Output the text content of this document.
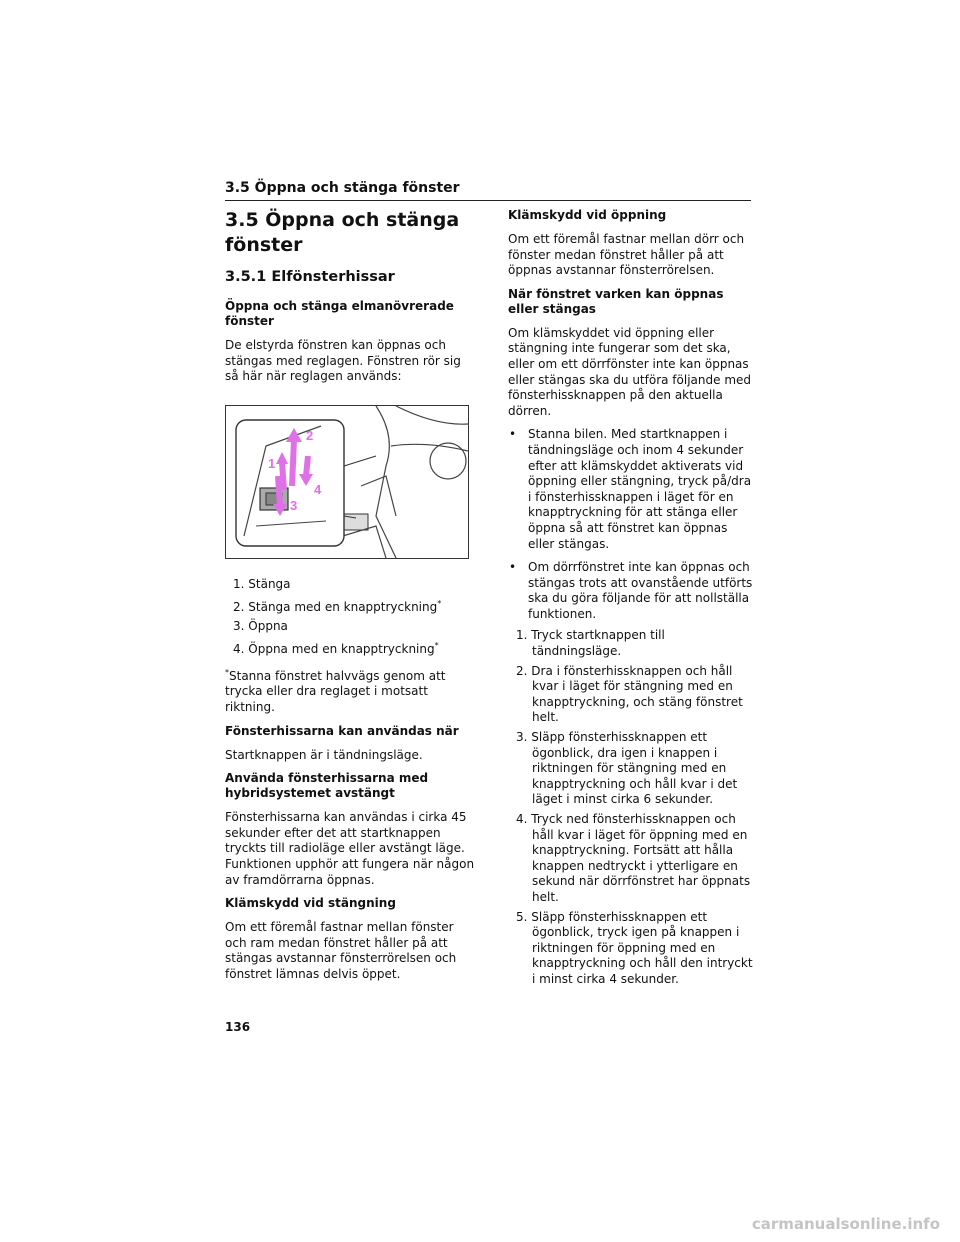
3.5 Öppna och stänga fönster
3.5 Öppna och stänga fönster
3.5.1 Elfönsterhissar
Öppna och stänga elmanövrerade fönster

De elstyrda fönstren kan öppnas och stängas med reglagen. Fönstren rör sig så här när reglagen används:

1
2
3
4
1. Stänga
2. Stänga med en knapptryckning*
3. Öppna
4. Öppna med en knapptryckning*

*Stanna fönstret halvvägs genom att trycka eller dra reglaget i motsatt riktning.

Fönsterhissarna kan användas när

Startknappen är i tändningsläge.

Använda fönsterhissarna med hybridsystemet avstängt

Fönsterhissarna kan användas i cirka 45 sekunder efter det att startknappen tryckts till radioläge eller avstängt läge. Funktionen upphör att fungera när någon av framdörrarna öppnas.

Klämskydd vid stängning

Om ett föremål fastnar mellan fönster och ram medan fönstret håller på att stängas avstannar fönsterrörelsen och fönstret lämnas delvis öppet.

Klämskydd vid öppning

Om ett föremål fastnar mellan dörr och fönster medan fönstret håller på att öppnas avstannar fönsterrörelsen.

När fönstret varken kan öppnas eller stängas

Om klämskyddet vid öppning eller stängning inte fungerar som det ska, eller om ett dörrfönster inte kan öppnas eller stängas ska du utföra följande med fönsterhissknappen på den aktuella dörren.

• Stanna bilen. Med startknappen i tändningsläge och inom 4 sekunder efter att klämskyddet aktiverats vid öppning eller stängning, tryck på/dra i fönsterhissknappen i läget för en knapptryckning för att stänga eller öppna så att fönstret kan öppnas eller stängas.
• Om dörrfönstret inte kan öppnas och stängas trots att ovanstående utförts ska du göra följande för att nollställa funktionen.
1. Tryck startknappen till tändningsläge.
2. Dra i fönsterhissknappen och håll kvar i läget för stängning med en knapptryckning, och stäng fönstret helt.
3. Släpp fönsterhissknappen ett ögonblick, dra igen i knappen i riktningen för stängning med en knapptryckning och håll kvar i det läget i minst cirka 6 sekunder.
4. Tryck ned fönsterhissknappen och håll kvar i läget för öppning med en knapptryckning. Fortsätt att hålla knappen nedtryckt i ytterligare en sekund när dörrfönstret har öppnats helt.
5. Släpp fönsterhissknappen ett ögonblick, tryck igen på knappen i riktningen för öppning med en knapptryckning och håll den intryckt i minst cirka 4 sekunder.
136
carmanualsonline.info
